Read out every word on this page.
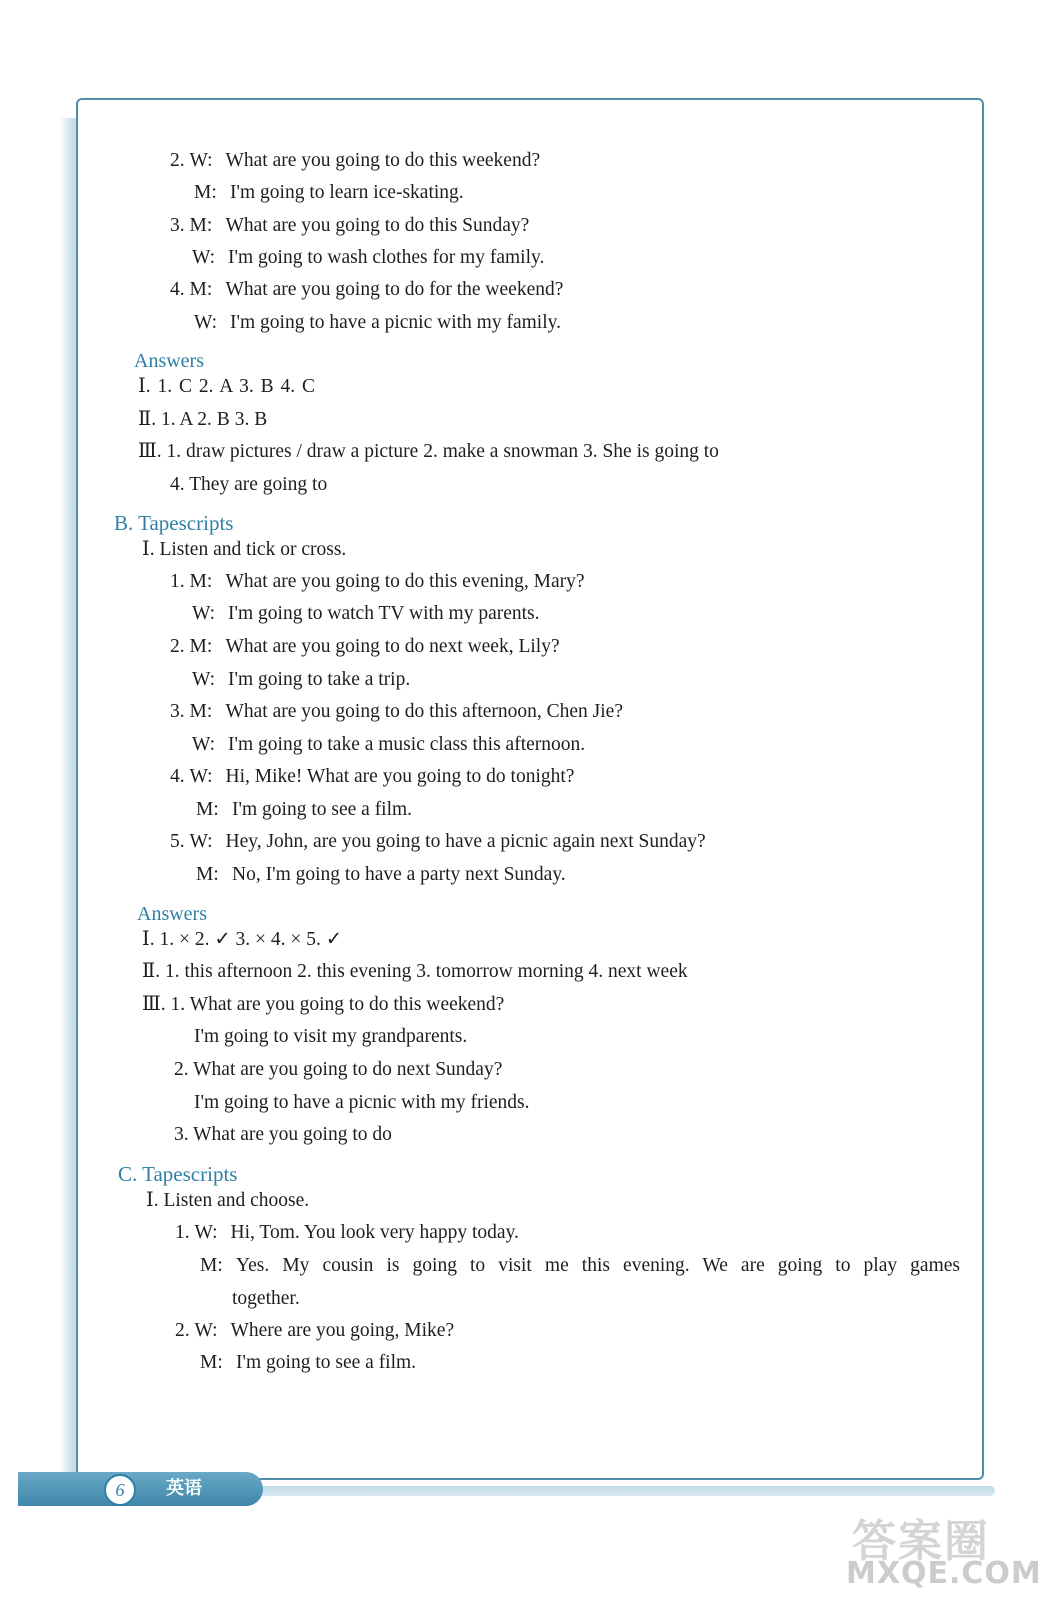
2. W: What are you going to do this weekend?
M: I'm going to learn ice-skating.
3. M: What are you going to do this Sunday?
W: I'm going to wash clothes for my family.
4. M: What are you going to do for the weekend?
W: I'm going to have a picnic with my family.
Answers
Ⅰ. 1. C 2. A 3. B 4. C
Ⅱ. 1. A 2. B 3. B
Ⅲ. 1. draw pictures / draw a picture 2. make a snowman 3. She is going to
4. They are going to
B. Tapescripts
Ⅰ. Listen and tick or cross.
1. M: What are you going to do this evening, Mary?
W: I'm going to watch TV with my parents.
2. M: What are you going to do next week, Lily?
W: I'm going to take a trip.
3. M: What are you going to do this afternoon, Chen Jie?
W: I'm going to take a music class this afternoon.
4. W: Hi, Mike! What are you going to do tonight?
M: I'm going to see a film.
5. W: Hey, John, are you going to have a picnic again next Sunday?
M: No, I'm going to have a party next Sunday.
Answers
Ⅰ. 1. × 2. ✓ 3. × 4. × 5. ✓
Ⅱ. 1. this afternoon 2. this evening 3. tomorrow morning 4. next week
Ⅲ. 1. What are you going to do this weekend?
I'm going to visit my grandparents.
2. What are you going to do next Sunday?
I'm going to have a picnic with my friends.
3. What are you going to do
C. Tapescripts
Ⅰ. Listen and choose.
1. W: Hi, Tom. You look very happy today.
M: Yes. My cousin is going to visit me this evening. We are going to play games
together.
2. W: Where are you going, Mike?
M: I'm going to see a film.
6	英语
答案圈
MXQE.COM
